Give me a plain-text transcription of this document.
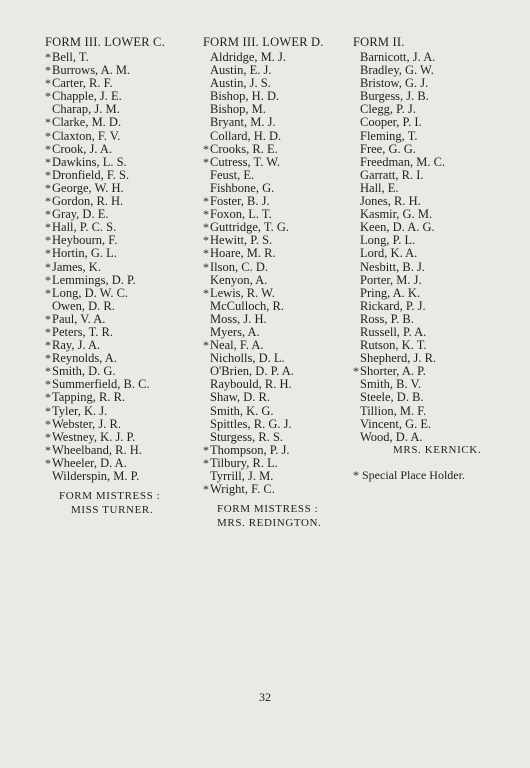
FORM III. LOWER C.
* Bell, T.
* Burrows, A. M.
* Carter, R. F.
* Chapple, J. E.
Charap, J. M.
* Clarke, M. D.
* Claxton, F. V.
* Crook, J. A.
* Dawkins, L. S.
* Dronfield, F. S.
* George, W. H.
* Gordon, R. H.
* Gray, D. E.
* Hall, P. C. S.
* Heybourn, F.
* Hortin, G. L.
* James, K.
* Lemmings, D. P.
* Long, D. W. C.
Owen, D. R.
* Paul, V. A.
* Peters, T. R.
* Ray, J. A.
* Reynolds, A.
* Smith, D. G.
* Summerfield, B. C.
* Tapping, R. R.
* Tyler, K. J.
* Webster, J. R.
* Westney, K. J. P.
* Wheelband, R. H.
* Wheeler, D. A.
Wilderspin, M. P.
FORM MISTRESS :
MISS TURNER.
FORM III. LOWER D.
Aldridge, M. J.
Austin, E. J.
Austin, J. S.
Bishop, H. D.
Bishop, M.
Bryant, M. J.
Collard, H. D.
* Crooks, R. E.
* Cutress, T. W.
Feust, E.
Fishbone, G.
* Foster, B. J.
* Foxon, L. T.
* Guttridge, T. G.
* Hewitt, P. S.
* Hoare, M. R.
* Ilson, C. D.
Kenyon, A.
* Lewis, R. W.
McCulloch, R.
Moss, J. H.
Myers, A.
* Neal, F. A.
Nicholls, D. L.
O'Brien, D. P. A.
Raybould, R. H.
Shaw, D. R.
Smith, K. G.
Spittles, R. G. J.
Sturgess, R. S.
* Thompson, P. J.
* Tilbury, R. L.
Tyrrill, J. M.
* Wright, F. C.
FORM MISTRESS :
MRS. REDINGTON.
FORM II.
Barnicott, J. A.
Bradley, G. W.
Bristow, G. J.
Burgess, J. B.
Clegg, P. J.
Cooper, P. I.
Fleming, T.
Free, G. G.
Freedman, M. C.
Garratt, R. I.
Hall, E.
Jones, R. H.
Kasmir, G. M.
Keen, D. A. G.
Long, P. L.
Lord, K. A.
Nesbitt, B. J.
Porter, M. J.
Pring, A. K.
Rickard, P. J.
Ross, P. B.
Russell, P. A.
Rutson, K. T.
Shepherd, J. R.
* Shorter, A. P.
Smith, B. V.
Steele, D. B.
Tillion, M. F.
Vincent, G. E.
Wood, D. A.
MRS. KERNICK.
* Special Place Holder.
32
